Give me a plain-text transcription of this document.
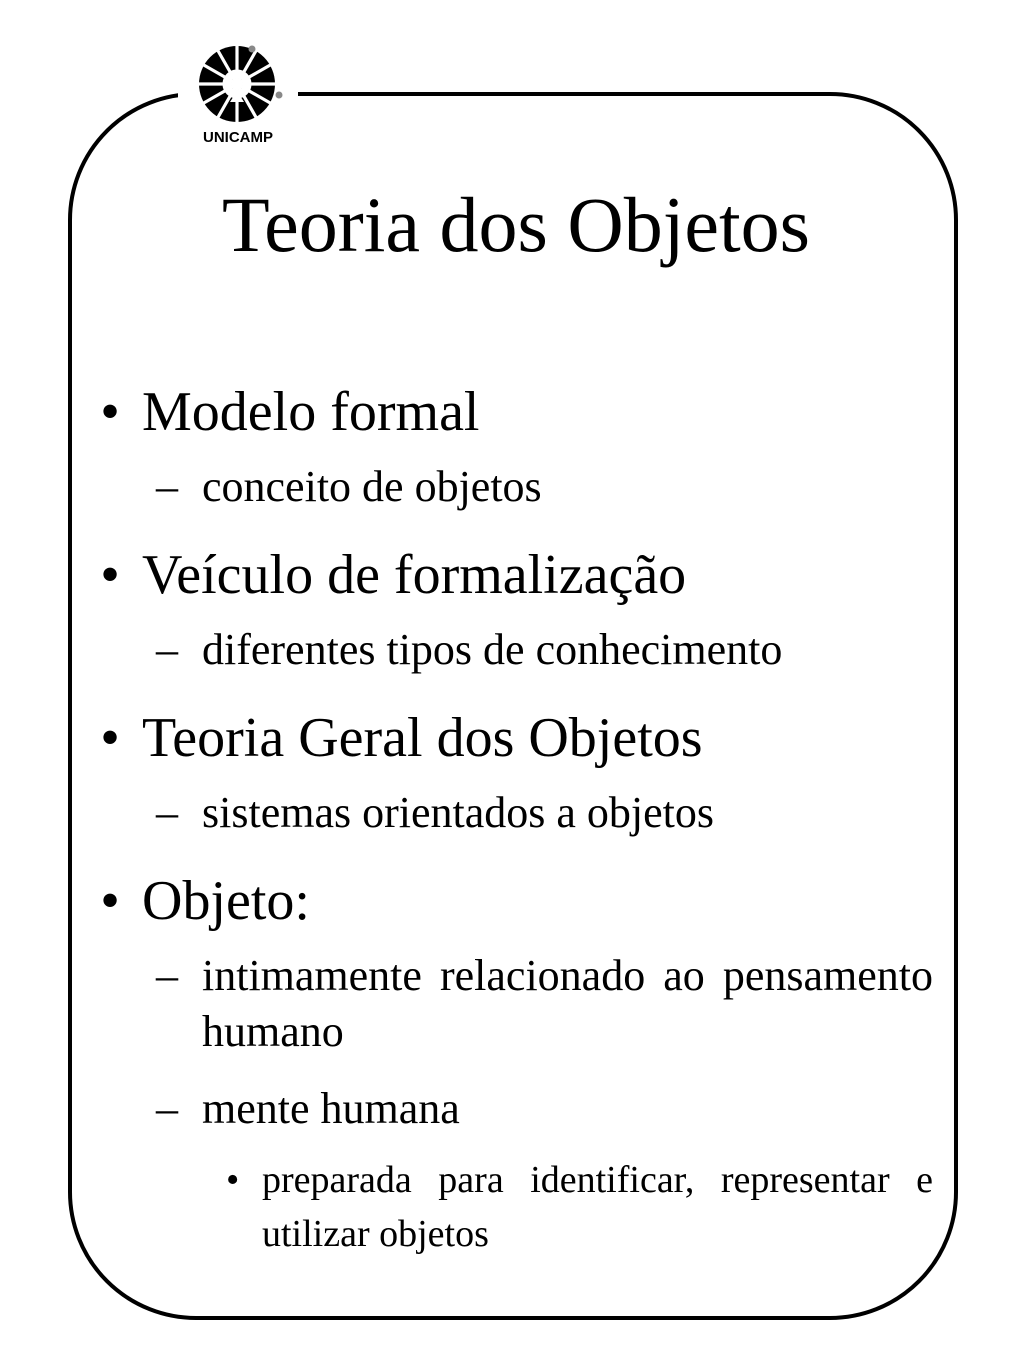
UNICAMP
Teoria dos Objetos
• Modelo formal
– conceito de objetos
• Veículo de formalização
– diferentes tipos de conhecimento
• Teoria Geral dos Objetos
– sistemas orientados a objetos
• Objeto:
– intimamente relacionado ao pensamento humano
– mente humana
• preparada para identificar, representar e utilizar objetos
